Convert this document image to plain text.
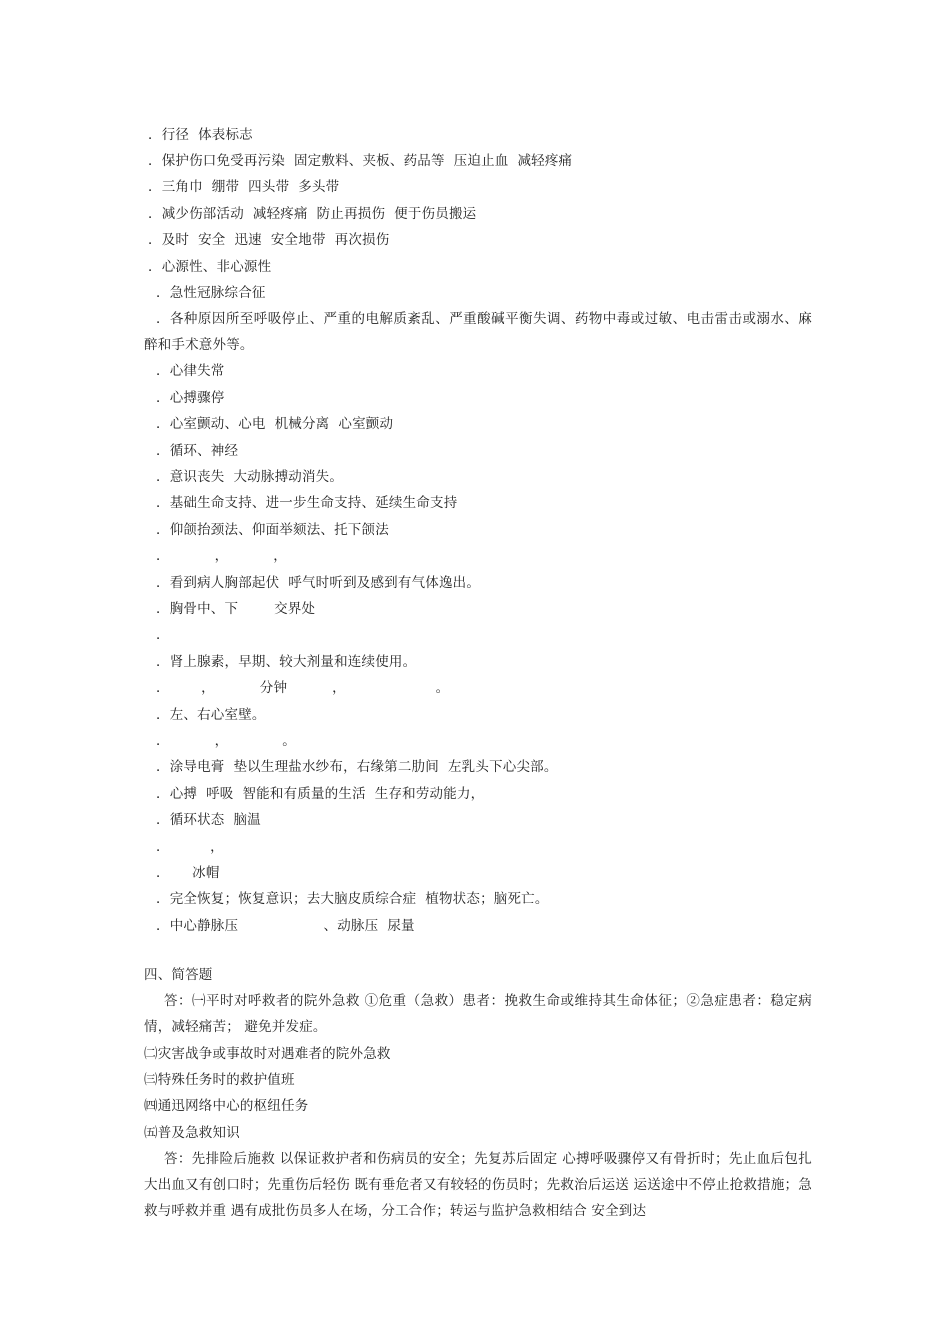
．行径  体表标志
．保护伤口免受再污染  固定敷料、夹板、药品等  压迫止血  减轻疼痛
．三角巾  绷带  四头带  多头带
．减少伤部活动  减轻疼痛  防止再损伤  便于伤员搬运
．及时  安全  迅速  安全地带  再次损伤
．心源性、非心源性
．急性冠脉综合征
．各种原因所至呼吸停止、严重的电解质紊乱、严重酸碱平衡失调、药物中毒或过敏、电击雷击或溺水、麻醉和手术意外等。
．心律失常
．心搏骤停
．心室颤动、心电  机械分离  心室颤动
．循环、神经
．意识丧失  大动脉搏动消失。
．基础生命支持、进一步生命支持、延续生命支持
．仰颌抬颈法、仰面举颏法、托下颌法
．          ，          ，
．看到病人胸部起伏  呼气时听到及感到有气体逸出。
．胸骨中、下        交界处
．
．肾上腺素，早期、较大剂量和连续使用。
．       ，          分钟          ，                    。
．左、右心室壁。
．          ，            。
．涂导电膏  垫以生理盐水纱布，右缘第二肋间  左乳头下心尖部。
．心搏  呼吸  智能和有质量的生活  生存和劳动能力，
．循环状态  脑温
．         ，
．     冰帽
．完全恢复；恢复意识；去大脑皮质综合症  植物状态；脑死亡。
．中心静脉压                   、动脉压  尿量
四、简答题
答：㈠平时对呼救者的院外急救 ①危重（急救）患者：挽救生命或维持其生命体征；②急症患者：稳定病情，减轻痛苦； 避免并发症。
㈡灾害战争或事故时对遇难者的院外急救
㈢特殊任务时的救护值班
㈣通迅网络中心的枢纽任务
㈤普及急救知识
答：先排险后施救 以保证救护者和伤病员的安全；先复苏后固定 心搏呼吸骤停又有骨折时；先止血后包扎 大出血又有创口时；先重伤后轻伤 既有垂危者又有较轻的伤员时；先救治后运送 运送途中不停止抢救措施；急救与呼救并重 遇有成批伤员多人在场，分工合作；转运与监护急救相结合 安全到达
